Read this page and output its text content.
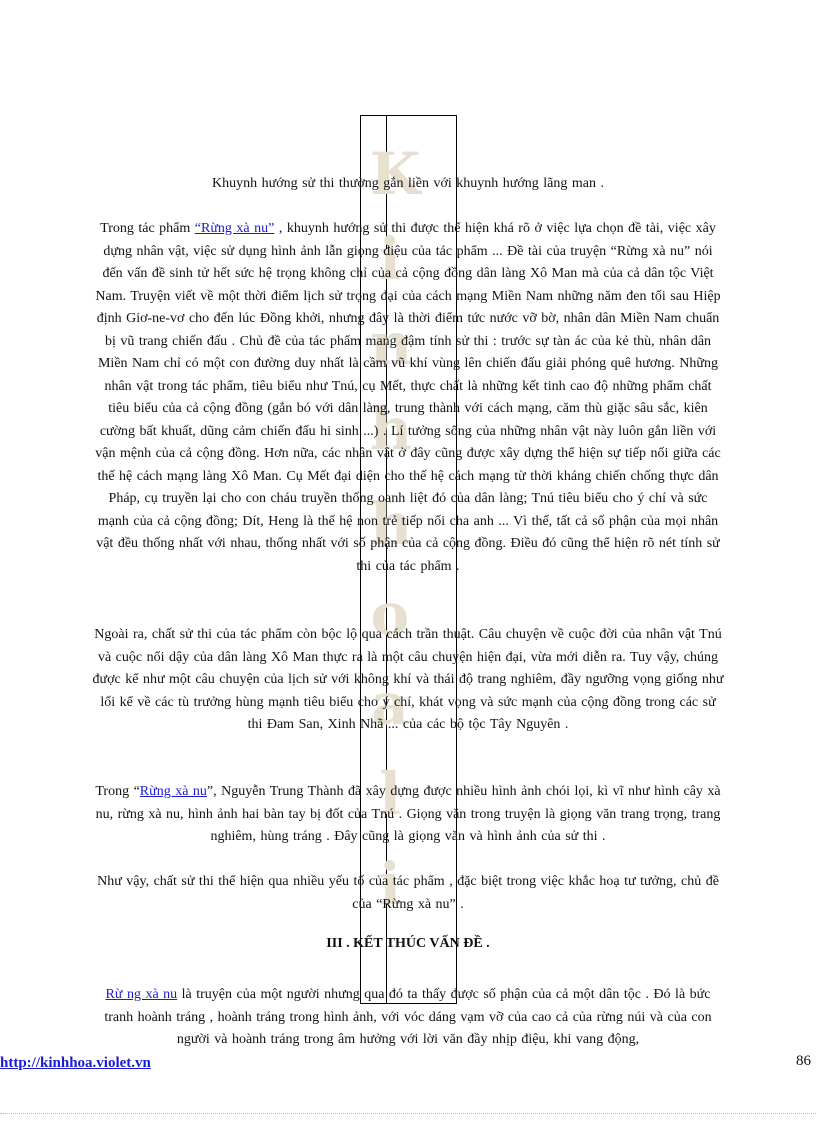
K
i
n
h
h
o
a
l
i
Khuynh hướng sử thi thường gắn liền với khuynh hướng lãng man .
Trong tác phẩm “Rừng xà nu” , khuynh hướng sử thi được thể hiện khá rõ ở việc lựa chọn đề tài, việc xây dựng nhân vật, việc sử dụng hình ảnh lẫn giọng điệu của tác phẩm ... Đề tài của truyện “Rừng xà nu” nói đến vấn đề sinh tử hết sức hệ trọng không chỉ của cả cộng đồng dân làng Xô Man mà của cả dân tộc Việt Nam. Truyện viết về một thời điểm lịch sử trọng đại của cách mạng Miền Nam những năm đen tối sau Hiệp định Giơ-ne-vơ cho đến lúc Đồng khởi, nhưng đây là thời điểm tức nước vỡ bờ, nhân dân Miền Nam chuẩn bị vũ trang chiến đấu . Chủ đề của tác phẩm mang đậm tính sử thi : trước sự tàn ác của kẻ thù, nhân dân Miền Nam chỉ có một con đường duy nhất là cầm vũ khí vùng lên chiến đấu giải phóng quê hương. Những nhân vật trong tác phẩm, tiêu biểu như Tnú, cụ Mết, thực chất là những kết tinh cao độ những phẩm chất tiêu biểu của cả cộng đồng (gắn bó với dân làng, trung thành với cách mạng, căm thù giặc sâu sắc, kiên cường bất khuất, dũng cảm chiến đấu hi sinh ...) . Lí tưởng sống của những nhân vật này luôn gắn liền với vận mệnh của cả cộng đồng. Hơn nữa, các nhân vật ở đây cũng được xây dựng thể hiện sự tiếp nối giữa các thế hệ cách mạng làng Xô Man. Cụ Mết đại diện cho thế hệ cách mạng từ thời kháng chiến chống thực dân Pháp, cụ truyền lại cho con cháu truyền thống oanh liệt đó của dân làng; Tnú tiêu biểu cho ý chí và sức mạnh của cả cộng đồng; Dít, Heng là thế hệ non trẻ tiếp nối cha anh ... Vì thế, tất cả số phận của mọi nhân vật đều thống nhất với nhau, thống nhất với số phận của cả cộng đồng. Điều đó cũng thể hiện rõ nét tính sử thi của tác phẩm .
Ngoài ra, chất sử thi của tác phẩm còn bộc lộ qua cách trần thuật. Câu chuyện về cuộc đời của nhân vật Tnú và cuộc nổi dậy của dân làng Xô Man thực ra là một câu chuyện hiện đại, vừa mới diễn ra. Tuy vậy, chúng được kể như một câu chuyện của lịch sử với không khí và thái độ trang nghiêm, đầy ngưỡng vọng giống như lối kể về các tù trưởng hùng mạnh tiêu biểu cho ý chí, khát vọng và sức mạnh của cộng đồng trong các sử thi Đam San, Xinh Nhã ... của các bộ tộc Tây Nguyên .
Trong “Rừng xà nu”, Nguyễn Trung Thành đã xây dựng được nhiều hình ảnh chói lọi, kì vĩ như hình cây xà nu, rừng xà nu, hình ảnh hai bàn tay bị đốt của Tnú . Giọng văn trong truyện là giọng văn trang trọng, trang nghiêm, hùng tráng . Đây cũng là giọng văn và hình ảnh của sử thi .
Như vậy, chất sử thi thể hiện qua nhiều yếu tố của tác phẩm , đặc biệt trong việc khắc hoạ tư tưởng, chủ đề của “Rừng xà nu” .
III . KẾT THÚC VẤN ĐỀ .
Rừ ng xà nu là truyện của một người nhưng qua đó ta thấy được số phận của cả một dân tộc . Đó là bức tranh hoành tráng , hoành tráng trong hình ảnh, với vóc dáng vạm vỡ của cao cả của rừng núi và của con người và hoành tráng trong âm hưởng với lời văn đầy nhịp điệu, khi vang động,
http://kinhhoa.violet.vn	86
